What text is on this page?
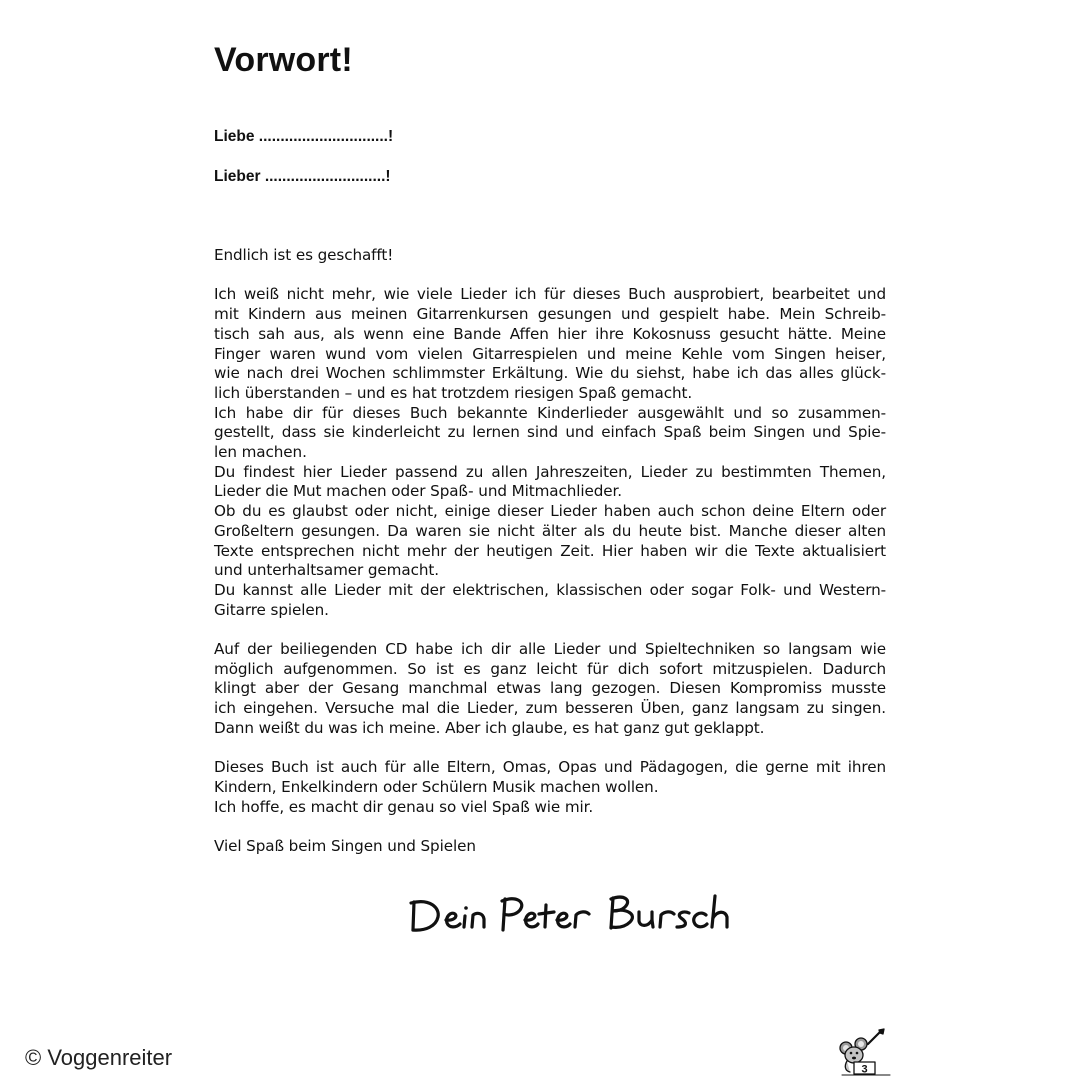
Vorwort!

Liebe ..............................!

Lieber ............................!

Endlich ist es geschafft!

Ich weiß nicht mehr, wie viele Lieder ich für dieses Buch ausprobiert, bearbeitet und

mit Kindern aus meinen Gitarrenkursen gesungen und gespielt habe. Mein Schreib-

tisch sah aus, als wenn eine Bande Affen hier ihre Kokosnuss gesucht hätte. Meine

Finger waren wund vom vielen Gitarrespielen und meine Kehle vom Singen heiser,

wie nach drei Wochen schlimmster Erkältung. Wie du siehst, habe ich das alles glück-

lich überstanden – und es hat trotzdem riesigen Spaß gemacht.

Ich habe dir für dieses Buch bekannte Kinderlieder ausgewählt und so zusammen-

gestellt, dass sie kinderleicht zu lernen sind und einfach Spaß beim Singen und Spie-

len machen.

Du findest hier Lieder passend zu allen Jahreszeiten, Lieder zu bestimmten Themen,

Lieder die Mut machen oder Spaß- und Mitmachlieder.

Ob du es glaubst oder nicht, einige dieser Lieder haben auch schon deine Eltern oder

Großeltern gesungen. Da waren sie nicht älter als du heute bist. Manche dieser alten

Texte entsprechen nicht mehr der heutigen Zeit. Hier haben wir die Texte aktualisiert

und unterhaltsamer gemacht.

Du kannst alle Lieder mit der elektrischen, klassischen oder sogar Folk- und Western-

Gitarre spielen.

Auf der beiliegenden CD habe ich dir alle Lieder und Spieltechniken so langsam wie

möglich aufgenommen. So ist es ganz leicht für dich sofort mitzuspielen. Dadurch

klingt aber der Gesang manchmal etwas lang gezogen. Diesen Kompromiss musste

ich eingehen. Versuche mal die Lieder, zum besseren Üben, ganz langsam zu singen.

Dann weißt du was ich meine. Aber ich glaube, es hat ganz gut geklappt.

Dieses Buch ist auch für alle Eltern, Omas, Opas und Pädagogen, die gerne mit ihren

Kindern, Enkelkindern oder Schülern Musik machen wollen.

Ich hoffe, es macht dir genau so viel Spaß wie mir.

Viel Spaß beim Singen und Spielen

© Voggenreiter	3
